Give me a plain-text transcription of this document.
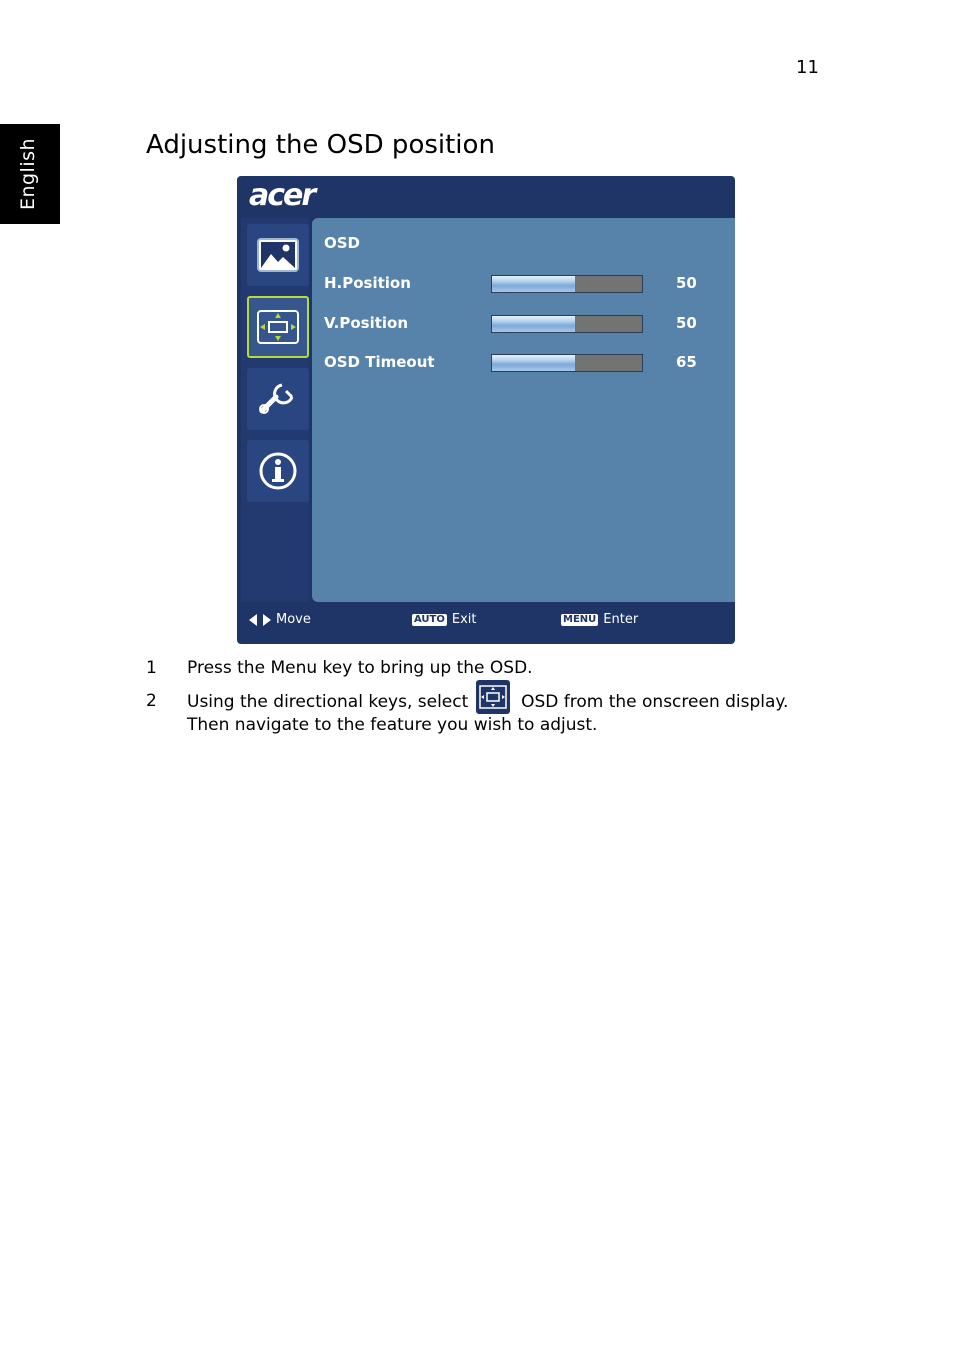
11
English	Adjusting the OSD position
acer
OSD
H.Position	50
V.Position	50
OSD Timeout	65
Move	AUTO Exit	MENU Enter
1 Press the Menu key to bring up the OSD.
2 Using the directional keys, select	OSD from the onscreen display.
Then navigate to the feature you wish to adjust.
